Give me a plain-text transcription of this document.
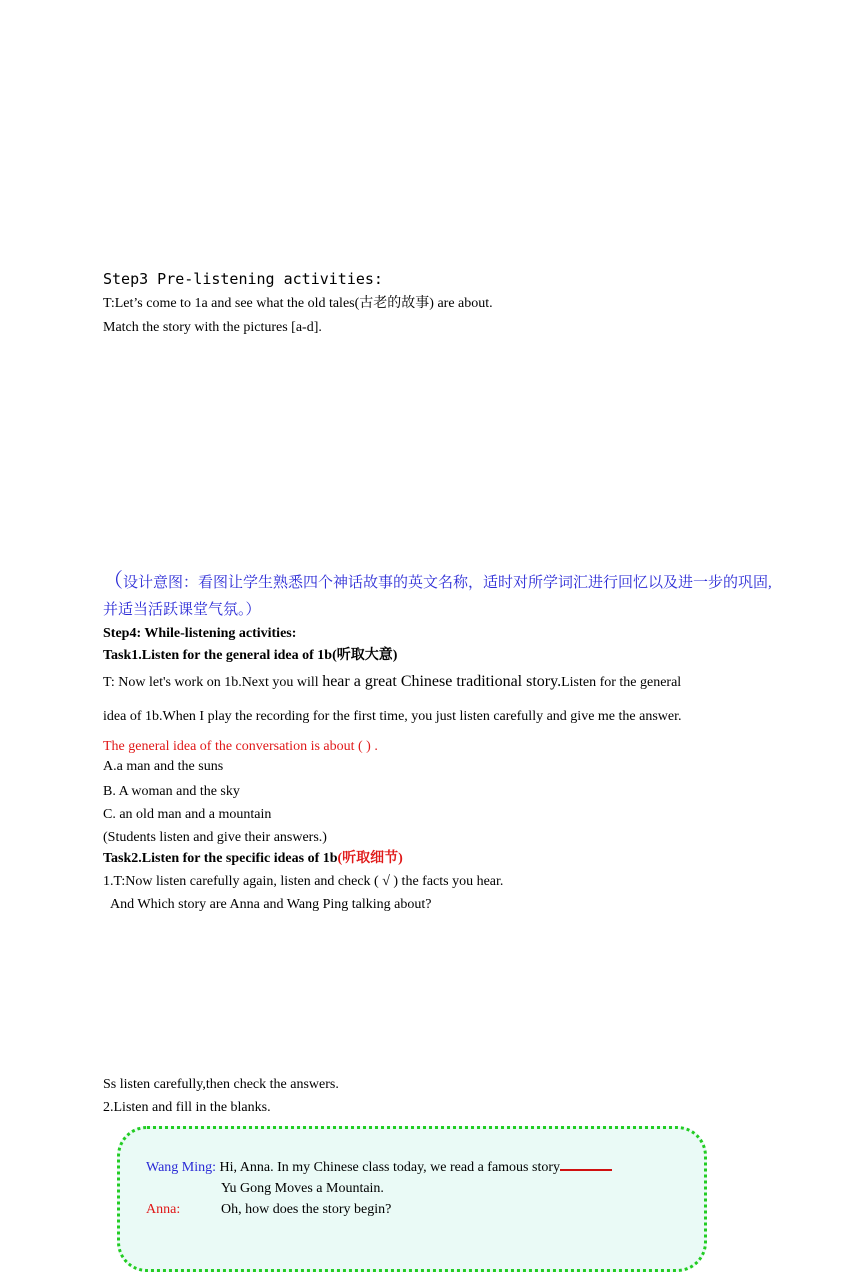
Step3 Pre-listening activities:
T:Let’s come to 1a and see what the old tales(古老的故事) are about.
Match the story with the pictures [a-d].
（设计意图：看图让学生熟悉四个神话故事的英文名称，适时对所学词汇进行回忆以及进一步的巩固, 并适当活跃课堂气氛。）
Step4: While-listening activities:
Task1.Listen for the general idea of 1b(听取大意)
T: Now let's work on 1b.Next you will hear a great Chinese traditional story.Listen for the general
idea of 1b.When I play the recording for the first time, you just listen carefully and give me the answer.
The general idea of the conversation is about ( ) .
A.a man and the suns
B. A woman and the sky
C. an old man and a mountain
(Students listen and give their answers.)
Task2.Listen for the specific ideas of 1b(听取细节)
1.T:Now listen carefully again, listen and check ( √ ) the facts you hear.
And Which story are Anna and Wang Ping talking about?
Ss listen carefully,then check the answers.
2.Listen and fill in the blanks.
Wang Ming: Hi, Anna. In my Chinese class today, we read a famous story
Yu Gong Moves a Mountain.
Anna:	Oh, how does the story begin?
